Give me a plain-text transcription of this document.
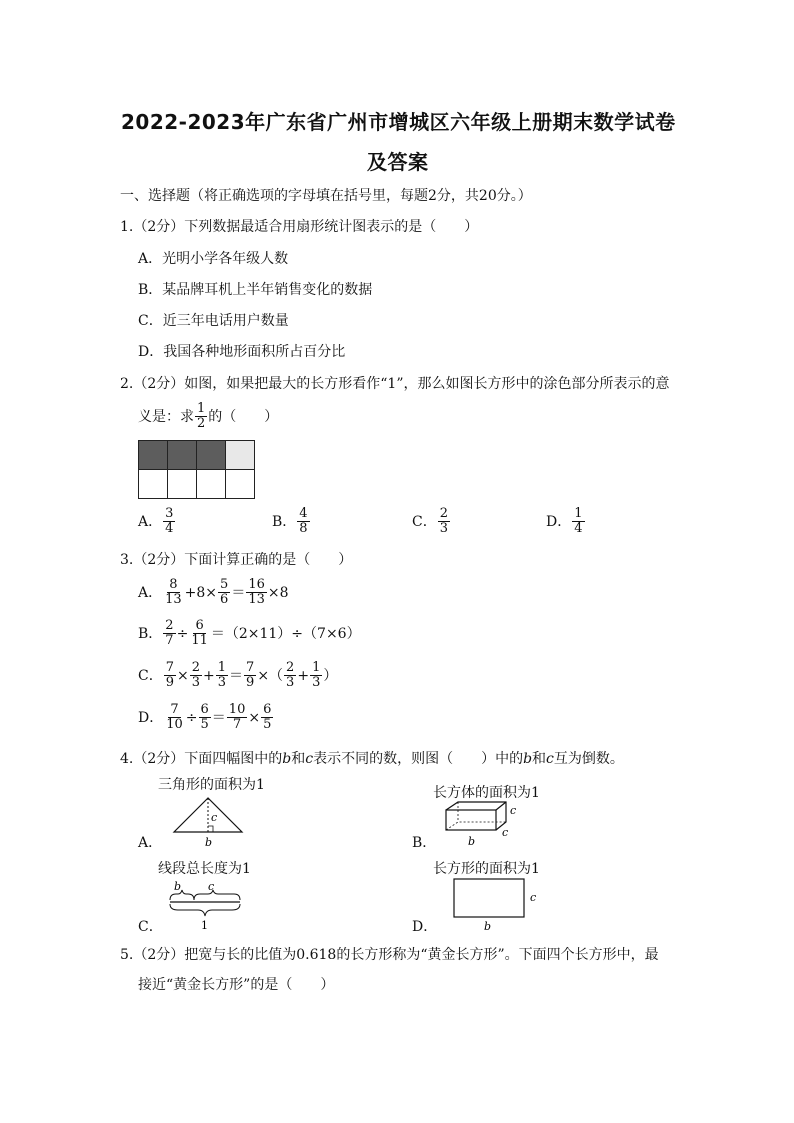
2022-2023年广东省广州市增城区六年级上册期末数学试卷
及答案
一、选择题（将正确选项的字母填在括号里，每题2分，共20分。）
1.（2分）下列数据最适合用扇形统计图表示的是（　　）
A．光明小学各年级人数
B．某品牌耳机上半年销售变化的数据
C．近三年电话用户数量
D．我国各种地形面积所占百分比
2.（2分）如图，如果把最大的长方形看作“1”，那么如图长方形中的涂色部分所表示的意
义是：求 $\frac{1}{2}$ 的（　　）

A． $\frac{3}{4}$	B． $\frac{4}{8}$	C． $\frac{2}{3}$	D． $\frac{1}{4}$
3.（2分）下面计算正确的是（　　）
A． $\frac{8}{13} +8\times \frac{5}{6} = \frac{16}{13} \times 8$
B． $\frac{2}{7} \div \frac{6}{11} =(2\times 11)\div(7\times 6)$
C． $\frac{7}{9} \times \frac{2}{3} + \frac{1}{3} = \frac{7}{9}$ ×（ $\frac{2}{3} + \frac{1}{3}$ ）
D． $\frac{7}{10} \div \frac{6}{5} = \frac{10}{7} \times \frac{6}{5}$
4.（2分）下面四幅图中的b和c表示不同的数，则图（　　）中的b和c互为倒数。
三角形的面积为1
c
b
A．
长方体的面积为1
c
c
b
B．
线段总长度为1
b c
1
C．
长方形的面积为1
c
b
D．
5.（2分）把宽与长的比值为0.618的长方形称为“黄金长方形”。下面四个长方形中，最
接近“黄金长方形”的是（　　）
